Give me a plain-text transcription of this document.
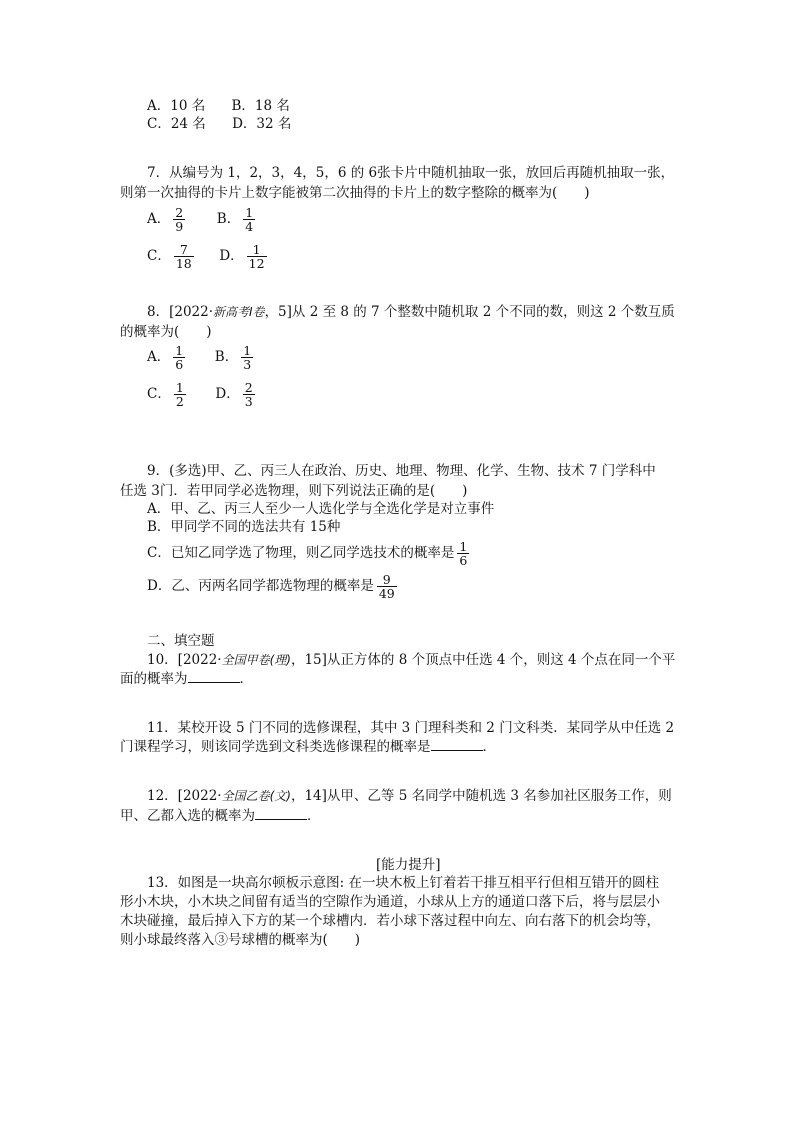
A．10 名 B．18 名
C．24 名 D．32 名
7．从编号为 1，2，3，4，5，6 的 6张卡片中随机抽取一张，放回后再随机抽取一张，
则第一次抽得的卡片上数字能被第二次抽得的卡片上的数字整除的概率为(　　)
A． $\frac{2}{9}$ B． $\frac{1}{4}$
C． $\frac{7}{18}$ D． $\frac{1}{12}$
8．[2022·新高考Ⅰ卷，5]从 2 至 8 的 7 个整数中随机取 2 个不同的数，则这 2 个数互质
的概率为(　　)
A． $\frac{1}{6}$ B． $\frac{1}{3}$
C． $\frac{1}{2}$ D． $\frac{2}{3}$
9．(多选)甲、乙、丙三人在政治、历史、地理、物理、化学、生物、技术 7 门学科中
任选 3门．若甲同学必选物理，则下列说法正确的是(　　)
A．甲、乙、丙三人至少一人选化学与全选化学是对立事件
B．甲同学不同的选法共有 15种
C．已知乙同学选了物理，则乙同学选技术的概率是 $\frac{1}{6}$
D．乙、丙两名同学都选物理的概率是 $\frac{9}{49}$
二、填空题
10．[2022·全国甲卷(理)，15]从正方体的 8 个顶点中任选 4 个，则这 4 个点在同一个平
面的概率为	．
11．某校开设 5 门不同的选修课程，其中 3 门理科类和 2 门文科类．某同学从中任选 2
门课程学习，则该同学选到文科类选修课程的概率是	．
12．[2022·全国乙卷(文)，14]从甲、乙等 5 名同学中随机选 3 名参加社区服务工作，则
甲、乙都入选的概率为	．
[能力提升]
13．如图是一块高尔顿板示意图: 在一块木板上钉着若干排互相平行但相互错开的圆柱
形小木块，小木块之间留有适当的空隙作为通道，小球从上方的通道口落下后，将与层层小
木块碰撞，最后掉入下方的某一个球槽内．若小球下落过程中向左、向右落下的机会均等，
则小球最终落入③号球槽的概率为(　　)
